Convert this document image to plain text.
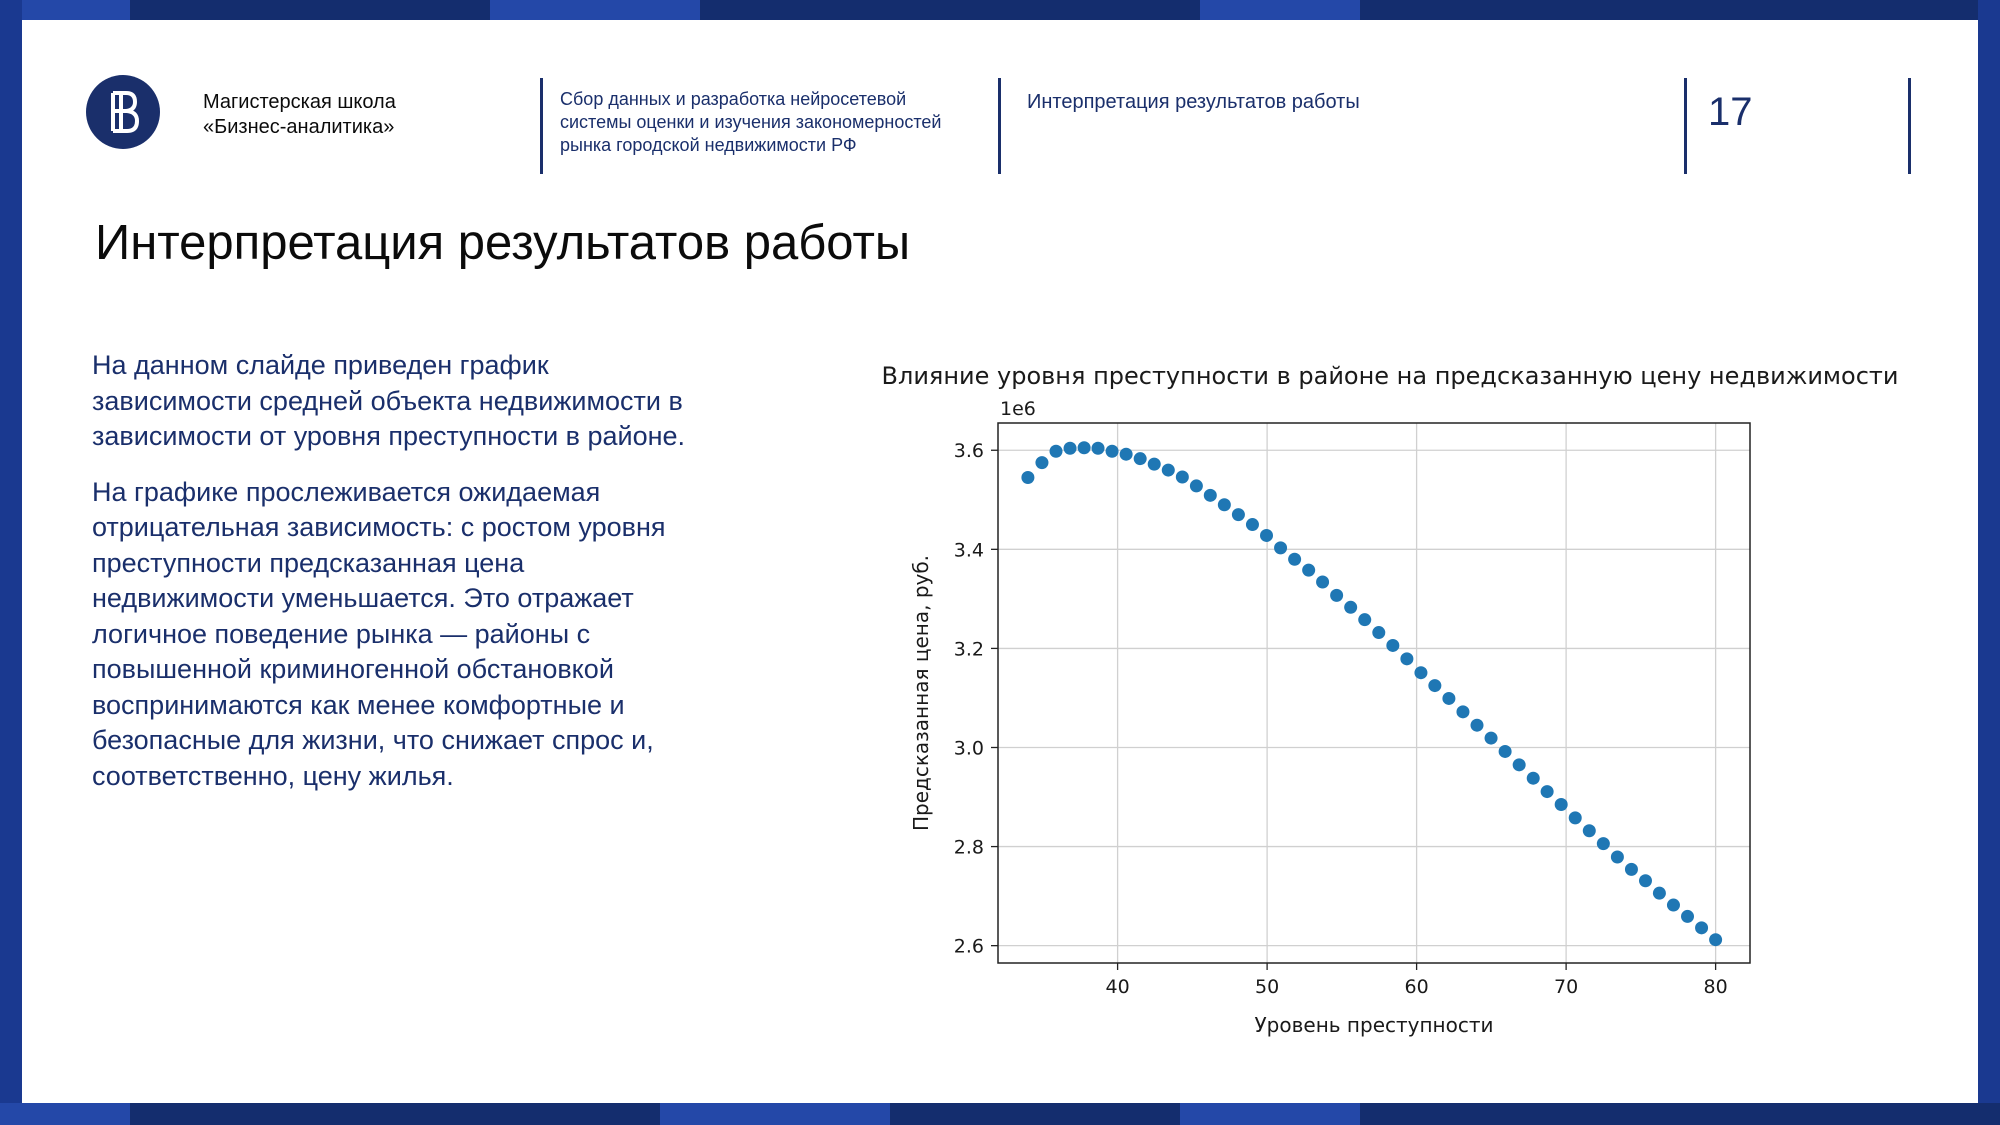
Магистерская школа
«Бизнес-аналитика»
Сбор данных и разработка нейросетевой
системы оценки и изучения закономерностей
рынка городской недвижимости РФ
Интерпретация результатов работы	17
Интерпретация результатов работы

На данном слайде приведен график зависимости средней объекта недвижимости в зависимости от уровня преступности в районе.

На графике прослеживается ожидаемая отрицательная зависимость: с ростом уровня преступности предсказанная цена недвижимости уменьшается. Это отражает логичное поведение рынка — районы с повышенной криминогенной обстановкой воспринимаются как менее комфортные и безопасные для жизни, что снижает спрос и, соответственно, цену жилья.

Влияние уровня преступности в районе на предсказанную цену недвижимости
1e6
40	50	60	70	80
2.6
2.8
3.0
3.2
3.4
3.6
Уровень преступности
Предсказанная цена, руб.
